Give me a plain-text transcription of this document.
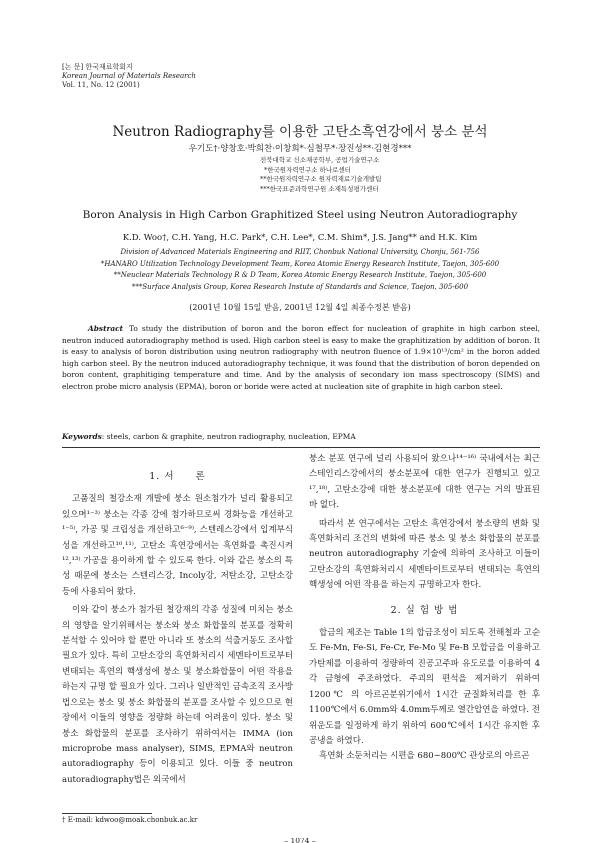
[논 문] 한국재료학회지
Korean Journal of Materials Research
Vol. 11, No. 12 (2001)
Neutron Radiography를 이용한 고탄소흑연강에서 붕소 분석
우기도†·양창호·박희찬·이창희*·심철무*·장진성**·김현경***
전북대학교 신소재공학부, 공업기술연구소
*한국원자력연구소 하나로센터
**한국원자력연구소 원자력재료기술개발팀
***한국표준과학연구원 소재특성평가센터
Boron Analysis in High Carbon Graphitized Steel using Neutron Autoradiography
K.D. Woo†, C.H. Yang, H.C. Park*, C.H. Lee*, C.M. Shim*, J.S. Jang** and H.K. Kim
Division of Advanced Materials Engineering and RIIT, Chonbuk National University, Chonju, 561-756
*HANARO Utilization Technology Development Team, Korea Atomic Energy Research Institute, Taejon, 305-600
**Neuclear Materials Technology R & D Team, Korea Atomic Energy Research Institute, Taejon, 305-600
***Surface Analysis Group, Korea Research Instute of Standards and Science, Taejon, 305-600
(2001년 10월 15일 받음, 2001년 12월 4일 최종수정본 받음)
Abstract To study the distribution of boron and the boron effect for nucleation of graphite in high carbon steel, neutron induced autoradiography method is used. High carbon steel is easy to make the graphitization by addition of boron. It is easy to analysis of boron distribution using neutron radiography with neutron fluence of 1.9×10¹³/cm² in the boron added high carbon steel. By the neutron induced autoradiography technique, it was found that the distribution of boron depended on boron content, graphitiging temperature and time. And by the analysis of secondary ion mass spectroscopy (SIMS) and electron probe micro analysis (EPMA), boron or boride were acted at nucleation site of graphite in high carbon steel.
Keywords: steels, carbon & graphite, neutron radiography, nucleation, EPMA
1. 서　　론

고품질의 철강소재 개발에 붕소 원소첨가가 널리 활용되고 있으며¹⁻³⁾ 붕소는 각종 강에 첨가하므로써 경화능을 개선하고¹⁻⁵⁾, 가공 및 크립성을 개선하고⁶⁻⁹⁾, 스텐레스강에서 입계부식성을 개선하고¹⁰,¹¹⁾, 고탄소 흑연강에서는 흑연화를 촉진시켜¹²,¹³⁾ 가공을 용이하게 할 수 있도록 한다. 이와 같은 붕소의 특성 때문에 붕소는 스텐리스강, Incoly강, 저탄소강, 고탄소강 등에 사용되어 왔다.

이와 같이 붕소가 첨가된 철강재의 각종 성질에 미치는 붕소의 영향을 알기위해서는 붕소와 붕소 화합물의 분포를 정확히 분석할 수 있어야 할 뿐만 아니라 또 붕소의 석출거동도 조사할 필요가 있다. 특히 고탄소강의 흑연화처리시 세멘타이트로부터 변태되는 흑연의 핵생성에 붕소 및 붕소화합물이 어떤 작용을 하는지 규명 할 필요가 있다. 그러나 일반적인 금속조직 조사방법으로는 붕소 및 붕소 화합물의 분포를 조사할 수 있으므로 현장에서 이들의 영향을 정량화 하는데 어려움이 있다. 붕소 및 붕소 화합물의 분포를 조사하기 위하여서는 IMMA (ion microprobe mass analyser), SIMS, EPMA와 neutron autoradiography 등이 이용되고 있다. 이들 중 neutron autoradiography법은 외국에서

붕소 분포 연구에 널리 사용되어 왔으나¹⁴⁻¹⁶⁾ 국내에서는 최근 스테인리스강에서의 붕소분포에 대한 연구가 진행되고 있고¹⁷,¹⁸⁾, 고탄소강에 대한 붕소분포에 대한 연구는 거의 발표된 바 없다.

따라서 본 연구에서는 고탄소 흑연강에서 붕소량의 변화 및 흑연화처리 조건의 변화에 따른 붕소 및 붕소 화합물의 분포를 neutron autoradiography 기술에 의하여 조사하고 이들이 고탄소강의 흑연화처리시 세멘타이트로부터 변태되는 흑연의 핵생성에 어떤 작용을 하는지 규명하고자 한다.

2. 실 험 방 법

합금의 제조는 Table 1의 합금조성이 되도록 전해철과 고순도 Fe-Mn, Fe-Si, Fe-Cr, Fe-Mo 및 Fe-B 모합금을 이용하고 가탄제를 이용하여 정량하여 진공고주파 유도로를 이용하여 4각 금형에 주조하였다. 주괴의 편석을 제거하기 위하여 1200℃ 의 아르곤분위기에서 1시간 균질화처리를 한 후 1100℃에서 6.0mm와 4.0mm두께로 열간압연을 하였다. 전위운도를 일정하게 하기 위하여 600℃에서 1시간 유지한 후 공냉을 하였다.

흑연화 소둔처리는 시편을 680∼800℃ 관상로의 아르곤

† E-mail: kdwoo@moak.chonbuk.ac.kr
– 1074 –
